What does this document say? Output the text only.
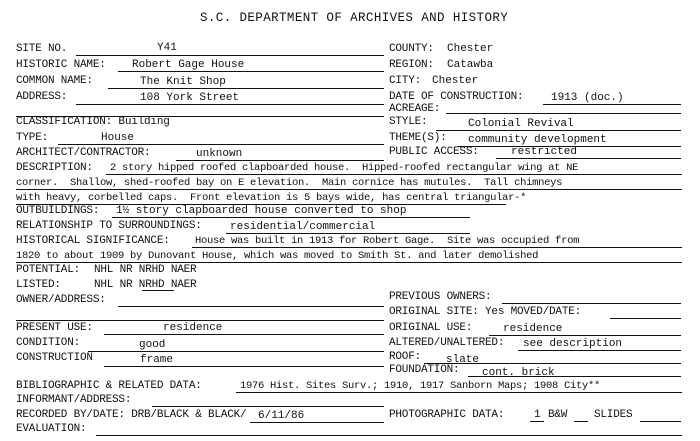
S.C. DEPARTMENT OF ARCHIVES AND HISTORY
SITE NO.	Y41	COUNTY: Chester
HISTORIC NAME: Robert Gage House	REGION: Catawba
COMMON NAME:	The Knit Shop	CITY: Chester
ADDRESS:	108 York Street	DATE OF CONSTRUCTION:	1913 (doc.)
ACREAGE:
CLASSIFICATION: Building	STYLE:	Colonial Revival
TYPE:	House	THEME(S): community development
ARCHITECT/CONTRACTOR:	unknown	PUBLIC ACCESS:	restricted
DESCRIPTION: 2 story hipped roofed clapboarded house.  Hipped-roofed rectangular wing at NE
corner.  Shallow, shed-roofed bay on E elevation.  Main cornice has mutules.  Tall chimneys
with heavy, corbelled caps.  Front elevation is 5 bays wide, has central triangular-*
OUTBUILDINGS: 1½ story clapboarded house converted to shop
RELATIONSHIP TO SURROUNDINGS:	residential/commercial
HISTORICAL SIGNIFICANCE: House was built in 1913 for Robert Gage.  Site was occupied from
1820 to about 1909 by Dunovant House, which was moved to Smith St. and later demolished
POTENTIAL: NHL NR NRHD NAER
LISTED:	NHL NR NRHD NAER
OWNER/ADDRESS:	PREVIOUS OWNERS:
ORIGINAL SITE: Yes MOVED/DATE:
PRESENT USE:	residence	ORIGINAL USE:	residence
CONDITION:	good	ALTERED/UNALTERED: see description
CONSTRUCTION	frame	ROOF: slate
FOUNDATION: cont. brick
BIBLIOGRAPHIC & RELATED DATA:	1976 Hist. Sites Surv.; 1910, 1917 Sanborn Maps; 1908 City**
INFORMANT/ADDRESS:
RECORDED BY/DATE: DRB/BLACK & BLACK/ 6/11/86	PHOTOGRAPHIC DATA:	1 B&W SLIDES
EVALUATION:
